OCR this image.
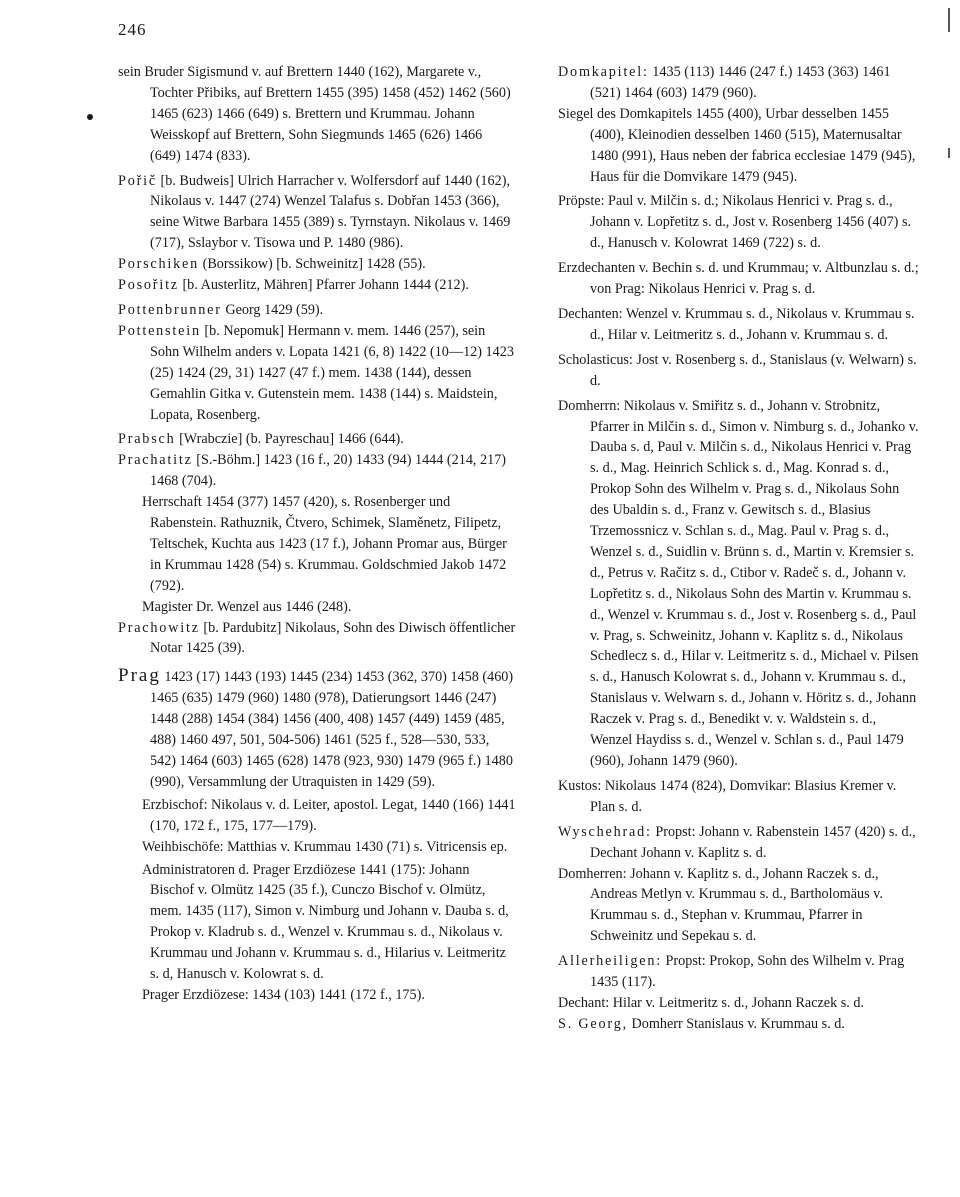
246

sein Bruder Sigismund v. auf Brettern 1440 (162), Margarete v., Tochter Přibiks, auf Brettern 1455 (395) 1458 (452) 1462 (560) 1465 (623) 1466 (649) s. Brettern und Krummau. Johann Weisskopf auf Brettern, Sohn Siegmunds 1465 (626) 1466 (649) 1474 (833).

Pořič [b. Budweis] Ulrich Harracher v. Wolfersdorf auf 1440 (162), Nikolaus v. 1447 (274) Wenzel Talafus s. Dobřan 1453 (366), seine Witwe Barbara 1455 (389) s. Tyrnstayn. Nikolaus v. 1469 (717), Sslaybor v. Tisowa und P. 1480 (986).

Porschiken (Borssikow) [b. Schweinitz] 1428 (55).

Posořitz [b. Austerlitz, Mähren] Pfarrer Johann 1444 (212).

Pottenbrunner Georg 1429 (59).

Pottenstein [b. Nepomuk] Hermann v. mem. 1446 (257), sein Sohn Wilhelm anders v. Lopata 1421 (6, 8) 1422 (10—12) 1423 (25) 1424 (29, 31) 1427 (47 f.) mem. 1438 (144), dessen Gemahlin Gitka v. Gutenstein mem. 1438 (144) s. Maidstein, Lopata, Rosenberg.

Prabsch [Wrabczie] (b. Payreschau] 1466 (644).

Prachatitz [S.-Böhm.] 1423 (16 f., 20) 1433 (94) 1444 (214, 217) 1468 (704).

Herrschaft 1454 (377) 1457 (420), s. Rosenberger und Rabenstein. Rathuznik, Čtvero, Schimek, Slaměnetz, Filipetz, Teltschek, Kuchta aus 1423 (17 f.), Johann Promar aus, Bürger in Krummau 1428 (54) s. Krummau. Goldschmied Jakob 1472 (792).

Magister Dr. Wenzel aus 1446 (248).

Prachowitz [b. Pardubitz] Nikolaus, Sohn des Diwisch öffentlicher Notar 1425 (39).

Prag 1423 (17) 1443 (193) 1445 (234) 1453 (362, 370) 1458 (460) 1465 (635) 1479 (960) 1480 (978), Datierungsort 1446 (247) 1448 (288) 1454 (384) 1456 (400, 408) 1457 (449) 1459 (485, 488) 1460 497, 501, 504-506) 1461 (525 f., 528—530, 533, 542) 1464 (603) 1465 (628) 1478 (923, 930) 1479 (965 f.) 1480 (990), Versammlung der Utraquisten in 1429 (59).

Erzbischof: Nikolaus v. d. Leiter, apostol. Legat, 1440 (166) 1441 (170, 172 f., 175, 177—179).

Weihbischöfe: Matthias v. Krummau 1430 (71) s. Vitricensis ep.

Administratoren d. Prager Erzdiözese 1441 (175): Johann Bischof v. Olmütz 1425 (35 f.), Cunczo Bischof v. Olmütz, mem. 1435 (117), Simon v. Nimburg und Johann v. Dauba s. d, Prokop v. Kladrub s. d., Wenzel v. Krummau s. d., Nikolaus v. Krummau und Johann v. Krummau s. d., Hilarius v. Leitmeritz s. d, Hanusch v. Kolowrat s. d.

Prager Erzdiözese: 1434 (103) 1441 (172 f., 175).

Domkapitel: 1435 (113) 1446 (247 f.) 1453 (363) 1461 (521) 1464 (603) 1479 (960).

Siegel des Domkapitels 1455 (400), Urbar desselben 1455 (400), Kleinodien desselben 1460 (515), Maternusaltar 1480 (991), Haus neben der fabrica ecclesiae 1479 (945), Haus für die Domvikare 1479 (945).

Pröpste: Paul v. Milčin s. d.; Nikolaus Henrici v. Prag s. d., Johann v. Lopřetitz s. d., Jost v. Rosenberg 1456 (407) s. d., Hanusch v. Kolowrat 1469 (722) s. d.

Erzdechanten v. Bechin s. d. und Krummau; v. Altbunzlau s. d.; von Prag: Nikolaus Henrici v. Prag s. d.

Dechanten: Wenzel v. Krummau s. d., Nikolaus v. Krummau s. d., Hilar v. Leitmeritz s. d., Johann v. Krummau s. d.

Scholasticus: Jost v. Rosenberg s. d., Stanislaus (v. Welwarn) s. d.

Domherrn: Nikolaus v. Smiřitz s. d., Johann v. Strobnitz, Pfarrer in Milčin s. d., Simon v. Nimburg s. d., Johanko v. Dauba s. d, Paul v. Milčin s. d., Nikolaus Henrici v. Prag s. d., Mag. Heinrich Schlick s. d., Mag. Konrad s. d., Prokop Sohn des Wilhelm v. Prag s. d., Nikolaus Sohn des Ubaldin s. d., Franz v. Gewitsch s. d., Blasius Trzemossnicz v. Schlan s. d., Mag. Paul v. Prag s. d., Wenzel s. d., Suidlin v. Brünn s. d., Martin v. Kremsier s. d., Petrus v. Račitz s. d., Ctibor v. Radeč s. d., Johann v. Lopřetitz s. d., Nikolaus Sohn des Martin v. Krummau s. d., Wenzel v. Krummau s. d., Jost v. Rosenberg s. d., Paul v. Prag, s. Schweinitz, Johann v. Kaplitz s. d., Nikolaus Schedlecz s. d., Hilar v. Leitmeritz s. d., Michael v. Pilsen s. d., Hanusch Kolowrat s. d., Johann v. Krummau s. d., Stanislaus v. Welwarn s. d., Johann v. Höritz s. d., Johann Raczek v. Prag s. d., Benedikt v. v. Waldstein s. d., Wenzel Haydiss s. d., Wenzel v. Schlan s. d., Paul 1479 (960), Johann 1479 (960).

Kustos: Nikolaus 1474 (824), Domvikar: Blasius Kremer v. Plan s. d.

Wyschehrad: Propst: Johann v. Rabenstein 1457 (420) s. d., Dechant Johann v. Kaplitz s. d.

Domherren: Johann v. Kaplitz s. d., Johann Raczek s. d., Andreas Metlyn v. Krummau s. d., Bartholomäus v. Krummau s. d., Stephan v. Krummau, Pfarrer in Schweinitz und Sepekau s. d.

Allerheiligen: Propst: Prokop, Sohn des Wilhelm v. Prag 1435 (117).

Dechant: Hilar v. Leitmeritz s. d., Johann Raczek s. d.

S. Georg, Domherr Stanislaus v. Krummau s. d.
